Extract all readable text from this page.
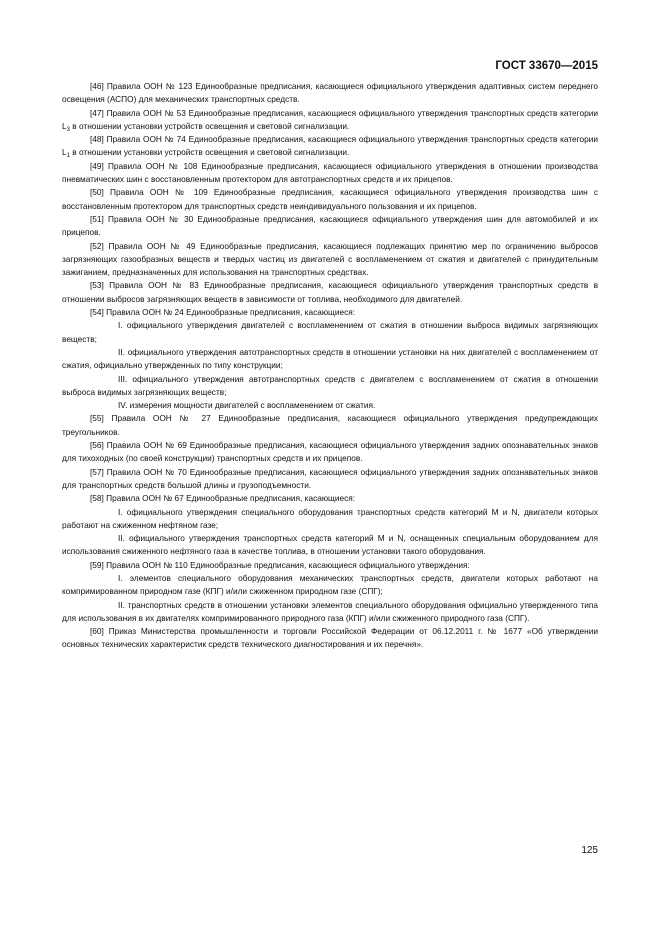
ГОСТ 33670—2015

[46] Правила ООН № 123 Единообразные предписания, касающиеся официального утверждения адаптивных систем переднего освещения (АСПО) для механических транспортных средств.

[47] Правила ООН № 53 Единообразные предписания, касающиеся официального утверждения транспортных средств категории $L_3$ в отношении установки устройств освещения и световой сигнализации.

[48] Правила ООН № 74 Единообразные предписания, касающиеся официального утверждения транспортных средств категории $L_1$ в отношении установки устройств освещения и световой сигнализации.

[49] Правила ООН № 108 Единообразные предписания, касающиеся официального утверждения в отношении производства пневматических шин с восстановленным протектором для автотранспортных средств и их прицепов.

[50] Правила ООН № 109 Единообразные предписания, касающиеся официального утверждения производства шин с восстановленным протектором для транспортных средств неиндивидуального пользования и их прицепов.

[51] Правила ООН № 30 Единообразные предписания, касающиеся официального утверждения шин для автомобилей и их прицепов.

[52] Правила ООН № 49 Единообразные предписания, касающиеся подлежащих принятию мер по ограничению выбросов загрязняющих газообразных веществ и твердых частиц из двигателей с воспламенением от сжатия и двигателей с принудительным зажиганием, предназначенных для использования на транспортных средствах.

[53] Правила ООН № 83 Единообразные предписания, касающиеся официального утверждения транспортных средств в отношении выбросов загрязняющих веществ в зависимости от топлива, необходимого для двигателей.

[54] Правила ООН № 24 Единообразные предписания, касающиеся:

I. официального утверждения двигателей с воспламенением от сжатия в отношении выброса видимых загрязняющих веществ;

II. официального утверждения автотранспортных средств в отношении установки на них двигателей с воспламенением от сжатия, официально утвержденных по типу конструкции;

III. официального утверждения автотранспортных средств с двигателем с воспламенением от сжатия в отношении выброса видимых загрязняющих веществ;

IV. измерения мощности двигателей с воспламенением от сжатия.

[55] Правила ООН № 27 Единообразные предписания, касающиеся официального утверждения предупреждающих треугольников.

[56] Правила ООН № 69 Единообразные предписания, касающиеся официального утверждения задних опознавательных знаков для тихоходных (по своей конструкции) транспортных средств и их прицепов.

[57] Правила ООН № 70 Единообразные предписания, касающиеся официального утверждения задних опознавательных знаков для транспортных средств большой длины и грузоподъемности.

[58] Правила ООН № 67 Единообразные предписания, касающиеся:

I. официального утверждения специального оборудования транспортных средств категорий M и N, двигатели которых работают на сжиженном нефтяном газе;

II. официального утверждения транспортных средств категорий M и N, оснащенных специальным оборудованием для использования сжиженного нефтяного газа в качестве топлива, в отношении установки такого оборудования.

[59] Правила ООН № 110 Единообразные предписания, касающиеся официального утверждения:

I. элементов специального оборудования механических транспортных средств, двигатели которых работают на компримированном природном газе (КПГ) и/или сжиженном природном газе (СПГ);

II. транспортных средств в отношении установки элементов специального оборудования официально утвержденного типа для использования в их двигателях компримированного природного газа (КПГ) и/или сжиженного природного газа (СПГ).

[60] Приказ Министерства промышленности и торговли Российской Федерации от 06.12.2011 г. № 1677 «Об утверждении основных технических характеристик средств технического диагностирования и их перечня».

125
